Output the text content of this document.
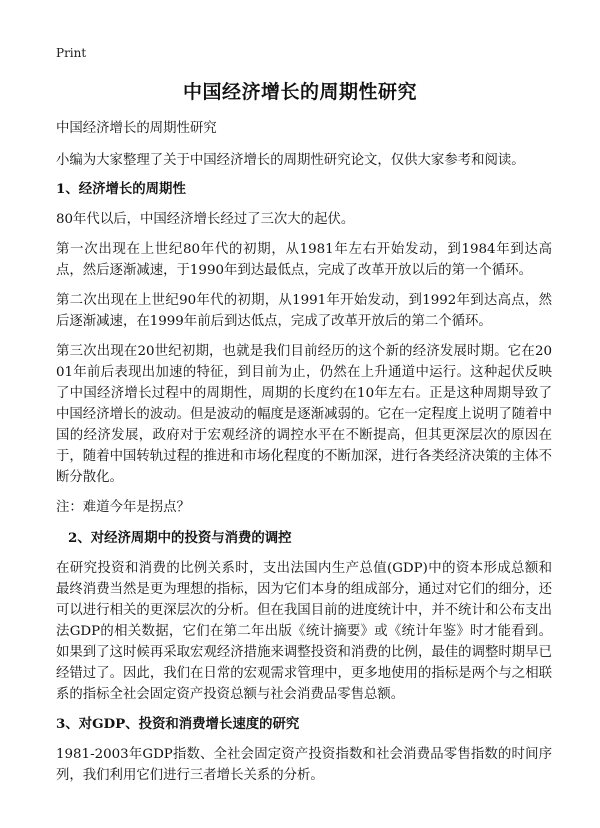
Print
中国经济增长的周期性研究

中国经济增长的周期性研究

小编为大家整理了关于中国经济增长的周期性研究论文，仅供大家参考和阅读。

1、经济增长的周期性

80年代以后，中国经济增长经过了三次大的起伏。

第一次出现在上世纪80年代的初期，从1981年左右开始发动，到1984年到达高点，然后逐渐减速，于1990年到达最低点，完成了改革开放以后的第一个循环。

第二次出现在上世纪90年代的初期，从1991年开始发动，到1992年到达高点，然后逐渐减速，在1999年前后到达低点，完成了改革开放后的第二个循环。

第三次出现在20世纪初期，也就是我们目前经历的这个新的经济发展时期。它在2001年前后表现出加速的特征，到目前为止，仍然在上升通道中运行。这种起伏反映了中国经济增长过程中的周期性，周期的长度约在10年左右。正是这种周期导致了中国经济增长的波动。但是波动的幅度是逐渐减弱的。它在一定程度上说明了随着中国的经济发展，政府对于宏观经济的调控水平在不断提高，但其更深层次的原因在于，随着中国转轨过程的推进和市场化程度的不断加深，进行各类经济决策的主体不断分散化。

注：难道今年是拐点？

2、对经济周期中的投资与消费的调控

在研究投资和消费的比例关系时，支出法国内生产总值(GDP)中的资本形成总额和最终消费当然是更为理想的指标，因为它们本身的组成部分，通过对它们的细分，还可以进行相关的更深层次的分析。但在我国目前的进度统计中，并不统计和公布支出法GDP的相关数据，它们在第二年出版《统计摘要》或《统计年鉴》时才能看到。如果到了这时候再采取宏观经济措施来调整投资和消费的比例，最佳的调整时期早已经错过了。因此，我们在日常的宏观需求管理中，更多地使用的指标是两个与之相联系的指标全社会固定资产投资总额与社会消费品零售总额。

3、对GDP、投资和消费增长速度的研究

1981-2003年GDP指数、全社会固定资产投资指数和社会消费品零售指数的时间序列，我们利用它们进行三者增长关系的分析。
